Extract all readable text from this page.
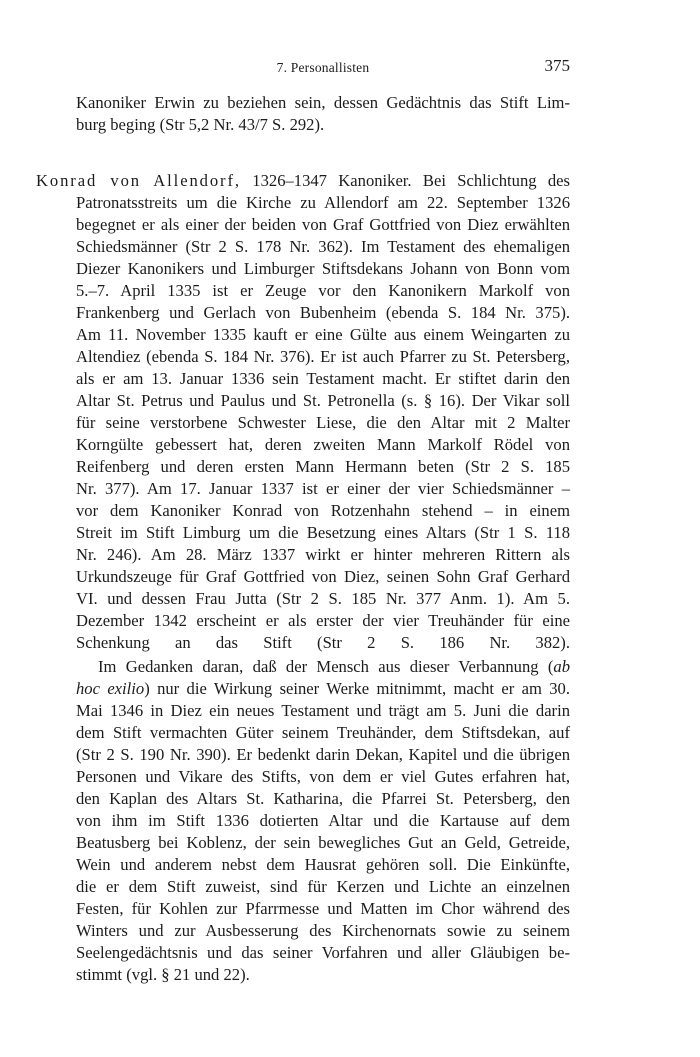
7. Personallisten	375
Kanoniker Erwin zu beziehen sein, dessen Gedächtnis das Stift Lim-
burg beging (Str 5,2 Nr. 43/7 S. 292).
Konrad von Allendorf, 1326–1347 Kanoniker. Bei Schlichtung des
Patronatsstreits um die Kirche zu Allendorf am 22. September 1326
begegnet er als einer der beiden von Graf Gottfried von Diez erwählten
Schiedsmänner (Str 2 S. 178 Nr. 362). Im Testament des ehemaligen
Diezer Kanonikers und Limburger Stiftsdekans Johann von Bonn vom
5.–7. April 1335 ist er Zeuge vor den Kanonikern Markolf von
Frankenberg und Gerlach von Bubenheim (ebenda S. 184 Nr. 375).
Am 11. November 1335 kauft er eine Gülte aus einem Weingarten zu
Altendiez (ebenda S. 184 Nr. 376). Er ist auch Pfarrer zu St. Petersberg,
als er am 13. Januar 1336 sein Testament macht. Er stiftet darin den
Altar St. Petrus und Paulus und St. Petronella (s. § 16). Der Vikar soll
für seine verstorbene Schwester Liese, die den Altar mit 2 Malter
Korngülte gebessert hat, deren zweiten Mann Markolf Rödel von
Reifenberg und deren ersten Mann Hermann beten (Str 2 S. 185
Nr. 377). Am 17. Januar 1337 ist er einer der vier Schiedsmänner –
vor dem Kanoniker Konrad von Rotzenhahn stehend – in einem
Streit im Stift Limburg um die Besetzung eines Altars (Str 1 S. 118
Nr. 246). Am 28. März 1337 wirkt er hinter mehreren Rittern als
Urkundszeuge für Graf Gottfried von Diez, seinen Sohn Graf Gerhard
VI. und dessen Frau Jutta (Str 2 S. 185 Nr. 377 Anm. 1). Am 5.
Dezember 1342 erscheint er als erster der vier Treuhänder für eine
Schenkung an das Stift (Str 2 S. 186 Nr. 382).
Im Gedanken daran, daß der Mensch aus dieser Verbannung (ab
hoc exilio) nur die Wirkung seiner Werke mitnimmt, macht er am 30.
Mai 1346 in Diez ein neues Testament und trägt am 5. Juni die darin
dem Stift vermachten Güter seinem Treuhänder, dem Stiftsdekan, auf
(Str 2 S. 190 Nr. 390). Er bedenkt darin Dekan, Kapitel und die übrigen
Personen und Vikare des Stifts, von dem er viel Gutes erfahren hat,
den Kaplan des Altars St. Katharina, die Pfarrei St. Petersberg, den
von ihm im Stift 1336 dotierten Altar und die Kartause auf dem
Beatusberg bei Koblenz, der sein bewegliches Gut an Geld, Getreide,
Wein und anderem nebst dem Hausrat gehören soll. Die Einkünfte,
die er dem Stift zuweist, sind für Kerzen und Lichte an einzelnen
Festen, für Kohlen zur Pfarrmesse und Matten im Chor während des
Winters und zur Ausbesserung des Kirchenornats sowie zu seinem
Seelengedächtsnis und das seiner Vorfahren und aller Gläubigen be-
stimmt (vgl. § 21 und 22).
